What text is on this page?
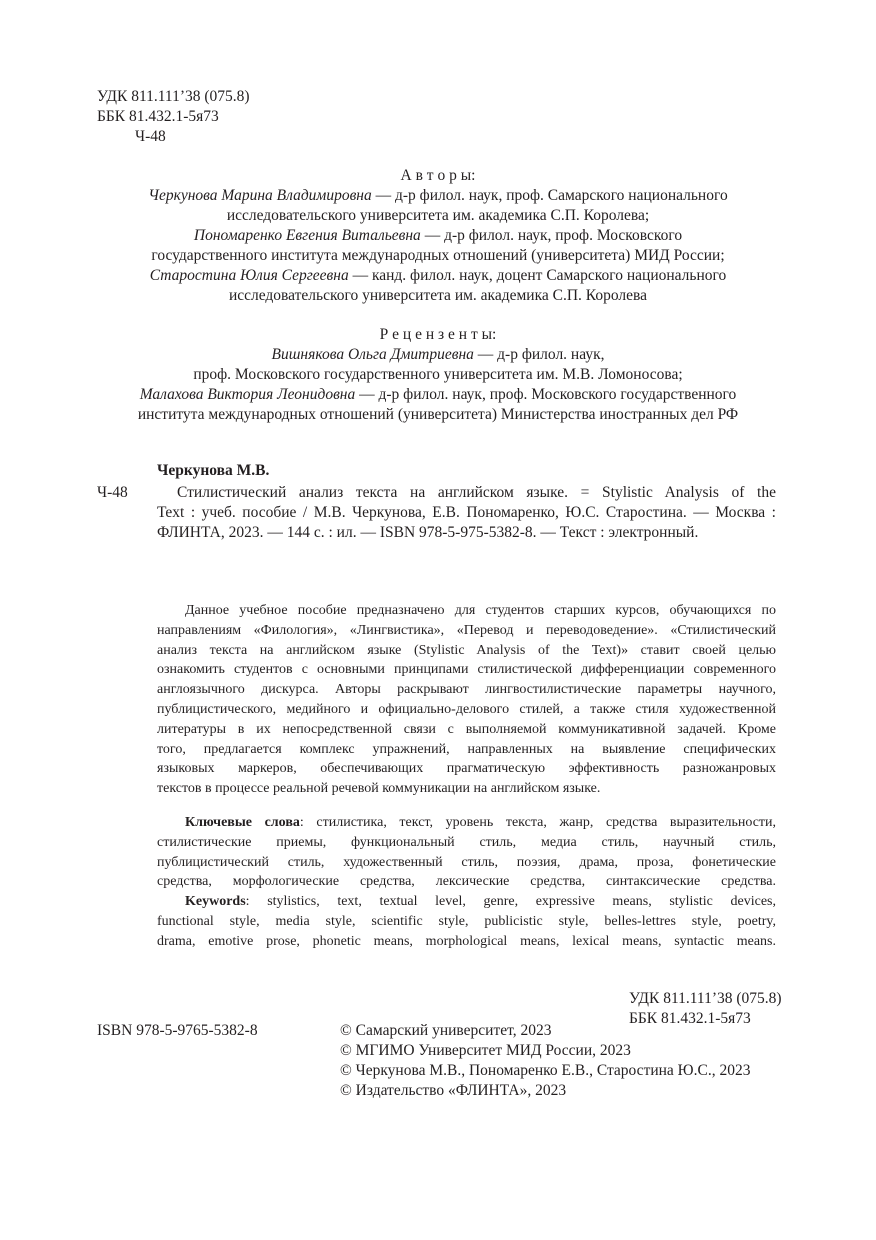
УДК 811.111’38 (075.8)
ББК 81.432.1-5я73
Ч-48
А в т о р ы:
Черкунова Марина Владимировна — д-р филол. наук, проф. Самарского национального
исследовательского университета им. академика С.П. Королева;
Пономаренко Евгения Витальевна — д-р филол. наук, проф. Московского
государственного института международных отношений (университета) МИД России;
Старостина Юлия Сергеевна — канд. филол. наук, доцент Самарского национального
исследовательского университета им. академика С.П. Королева
Р е ц е н з е н т ы:
Вишнякова Ольга Дмитриевна — д-р филол. наук,
проф. Московского государственного университета им. М.В. Ломоносова;
Малахова Виктория Леонидовна — д-р филол. наук, проф. Московского государственного
института международных отношений (университета) Министерства иностранных дел РФ
Черкунова М.В.
Ч-48	Стилистический анализ текста на английском языке. = Stylistic Analysis of the
Text : учеб. пособие / М.В. Черкунова, Е.В. Пономаренко, Ю.С. Старостина. — Москва :
ФЛИНТА, 2023. — 144 с. : ил. — ISBN 978-5-975-5382-8. — Текст : электронный.
Данное учебное пособие предназначено для студентов старших курсов, обучающихся по
направлениям «Филология», «Лингвистика», «Перевод и переводоведение». «Стилистический
анализ текста на английском языке (Stylistic Analysis of the Text)» ставит своей целью
ознакомить студентов с основными принципами стилистической дифференциации современного
англоязычного дискурса. Авторы раскрывают лингвостилистические параметры научного,
публицистического, медийного и официально-делового стилей, а также стиля художественной
литературы в их непосредственной связи с выполняемой коммуникативной задачей. Кроме
того, предлагается комплекс упражнений, направленных на выявление специфических
языковых маркеров, обеспечивающих прагматическую эффективность разножанровых
текстов в процессе реальной речевой коммуникации на английском языке.
Ключевые слова: стилистика, текст, уровень текста, жанр, средства выразительности,
стилистические приемы, функциональный стиль, медиа стиль, научный стиль,
публицистический стиль, художественный стиль, поэзия, драма, проза, фонетические
средства, морфологические средства, лексические средства, синтаксические средства.
Keywords: stylistics, text, textual level, genre, expressive means, stylistic devices,
functional style, media style, scientific style, publicistic style, belles-lettres style, poetry,
drama, emotive prose, phonetic means, morphological means, lexical means, syntactic means.
УДК 811.111’38 (075.8)
ББК 81.432.1-5я73
ISBN 978-5-9765-5382-8	© Самарский университет, 2023
© МГИМО Университет МИД России, 2023
© Черкунова М.В., Пономаренко Е.В., Старостина Ю.С., 2023
© Издательство «ФЛИНТА», 2023
